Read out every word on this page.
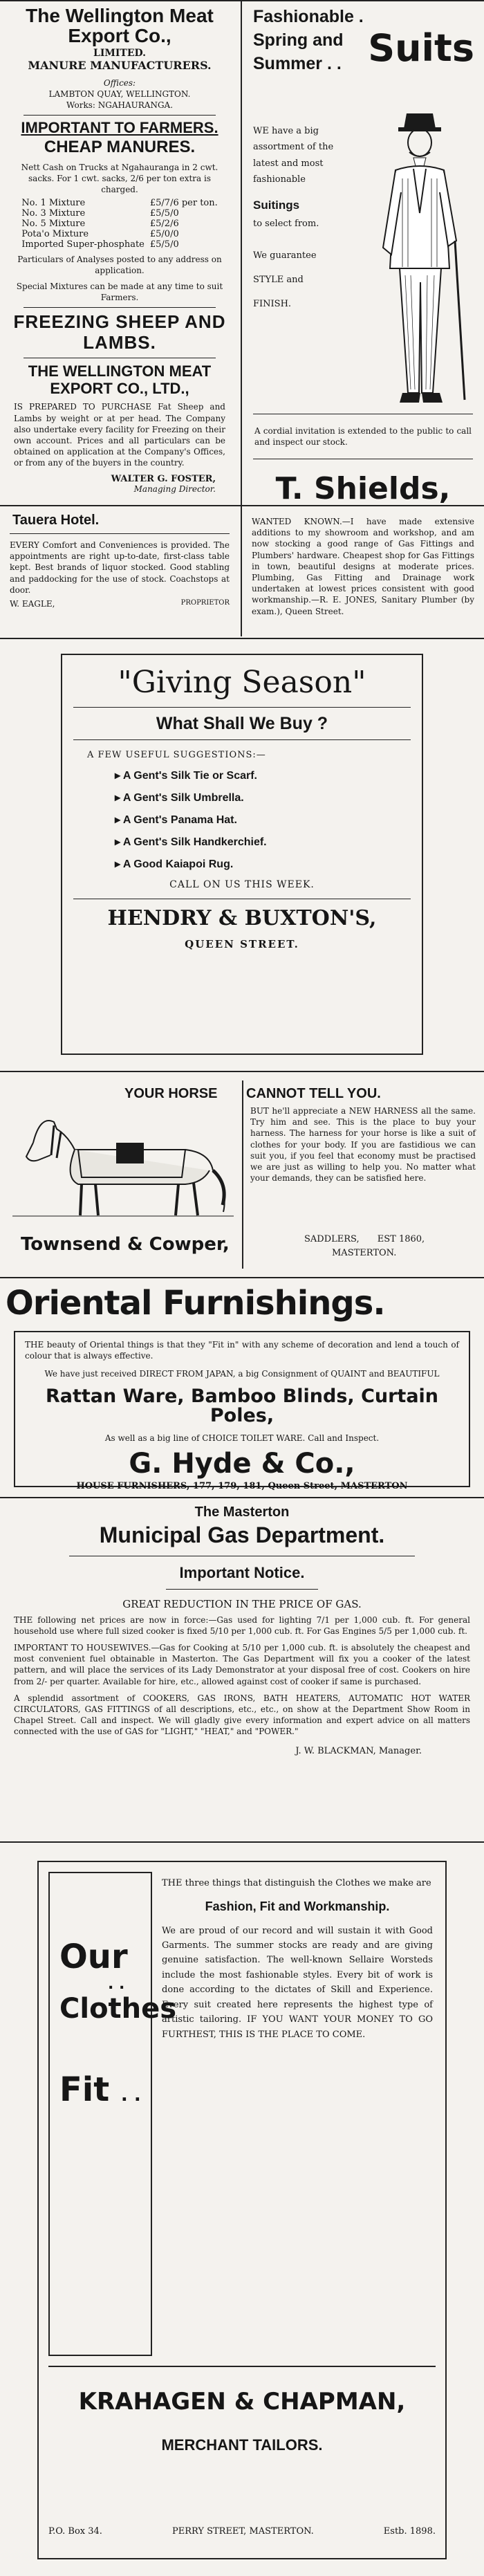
The Wellington Meat Export Co.,
LIMITED.
MANURE MANUFACTURERS.
Offices:
LAMBTON QUAY, WELLINGTON.
Works: NGAHAURANGA.
IMPORTANT TO FARMERS.
CHEAP MANURES.
Nett Cash on Trucks at Ngahauranga in 2 cwt. sacks. For 1 cwt. sacks, 2/6 per ton extra is charged.
No. 1 Mixture	£5/7/6 per ton.
No. 3 Mixture	£5/5/0
No. 5 Mixture	£5/2/6
Pota'o Mixture	£5/0/0
Imported Super-phosphate	£5/5/0
Particulars of Analyses posted to any address on application.
Special Mixtures can be made at any time to suit Farmers.
FREEZING SHEEP AND LAMBS.
THE WELLINGTON MEAT EXPORT CO., LTD.,
IS PREPARED TO PURCHASE Fat Sheep and Lambs by weight or at per head. The Company also undertake every facility for Freezing on their own account. Prices and all particulars can be obtained on application at the Company's Offices, or from any of the buyers in the country.
WALTER G. FOSTER,
Managing Director.
Fashionable . Spring and Summer . . Suits
WE have a big assortment of the latest and most fashionable
Suitings
to select from.
We guarantee
STYLE and
FINISH.
A cordial invitation is extended to the public to call and inspect our stock.
T. Shields,
Tauera Hotel.
EVERY Comfort and Conveniences is provided. The appointments are right up-to-date, first-class table kept. Best brands of liquor stocked. Good stabling and paddocking for the use of stock. Coachstops at door.
W. EAGLE,	PROPRIETOR
WANTED KNOWN.—I have made extensive additions to my showroom and workshop, and am now stocking a good range of Gas Fittings and Plumbers' hardware. Cheapest shop for Gas Fittings in town, beautiful designs at moderate prices. Plumbing, Gas Fitting and Drainage work undertaken at lowest prices consistent with good workmanship.—R. E. JONES, Sanitary Plumber (by exam.), Queen Street.
"Giving Season"
What Shall We Buy ?
A FEW USEFUL SUGGESTIONS:—
▸ A Gent's Silk Tie or Scarf.
▸ A Gent's Silk Umbrella.
▸ A Gent's Panama Hat.
▸ A Gent's Silk Handkerchief.
▸ A Good Kaiapoi Rug.
CALL ON US THIS WEEK.
HENDRY & BUXTON'S,
QUEEN STREET.
YOUR HORSE CANNOT TELL YOU.
Townsend & Cowper,
BUT he'll appreciate a NEW HARNESS all the same. Try him and see. This is the place to buy your harness. The harness for your horse is like a suit of clothes for your body. If you are fastidious we can suit you, if you feel that economy must be practised we are just as willing to help you. No matter what your demands, they can be satisfied here.
SADDLERS, EST 1860,
MASTERTON.
Oriental Furnishings.
THE beauty of Oriental things is that they "Fit in" with any scheme of decoration and lend a touch of colour that is always effective.
We have just received DIRECT FROM JAPAN, a big Consignment of QUAINT and BEAUTIFUL
Rattan Ware, Bamboo Blinds, Curtain Poles,
As well as a big line of CHOICE TOILET WARE. Call and Inspect.
G. Hyde & Co.,
HOUSE FURNISHERS, 177, 179, 181, Queen Street, MASTERTON
The Masterton
Municipal Gas Department.
Important Notice.
GREAT REDUCTION IN THE PRICE OF GAS.
THE following net prices are now in force:—Gas used for lighting 7/1 per 1,000 cub. ft. For general household use where full sized cooker is fixed 5/10 per 1,000 cub. ft. For Gas Engines 5/5 per 1,000 cub. ft.
IMPORTANT TO HOUSEWIVES.—Gas for Cooking at 5/10 per 1,000 cub. ft. is absolutely the cheapest and most convenient fuel obtainable in Masterton. The Gas Department will fix you a cooker of the latest pattern, and will place the services of its Lady Demonstrator at your disposal free of cost. Cookers on hire from 2/- per quarter. Available for hire, etc., allowed against cost of cooker if same is purchased.
A splendid assortment of COOKERS, GAS IRONS, BATH HEATERS, AUTOMATIC HOT WATER CIRCULATORS, GAS FITTINGS of all descriptions, etc., etc., on show at the Department Show Room in Chapel Street. Call and inspect. We will gladly give every information and expert advice on all matters connected with the use of GAS for "LIGHT," "HEAT," and "POWER."
J. W. BLACKMAN, Manager.
Our
. .
Clothes
Fit . .
THE three things that distinguish the Clothes we make are
Fashion, Fit and Workmanship.
We are proud of our record and will sustain it with Good Garments. The summer stocks are ready and are giving genuine satisfaction. The well-known Sellaire Worsteds include the most fashionable styles. Every bit of work is done according to the dictates of Skill and Experience. Every suit created here represents the highest type of artistic tailoring. IF YOU WANT YOUR MONEY TO GO FURTHEST, THIS IS THE PLACE TO COME.
KRAHAGEN & CHAPMAN,
MERCHANT TAILORS.
P.O. Box 34.	PERRY STREET, MASTERTON.	Estb. 1898.
